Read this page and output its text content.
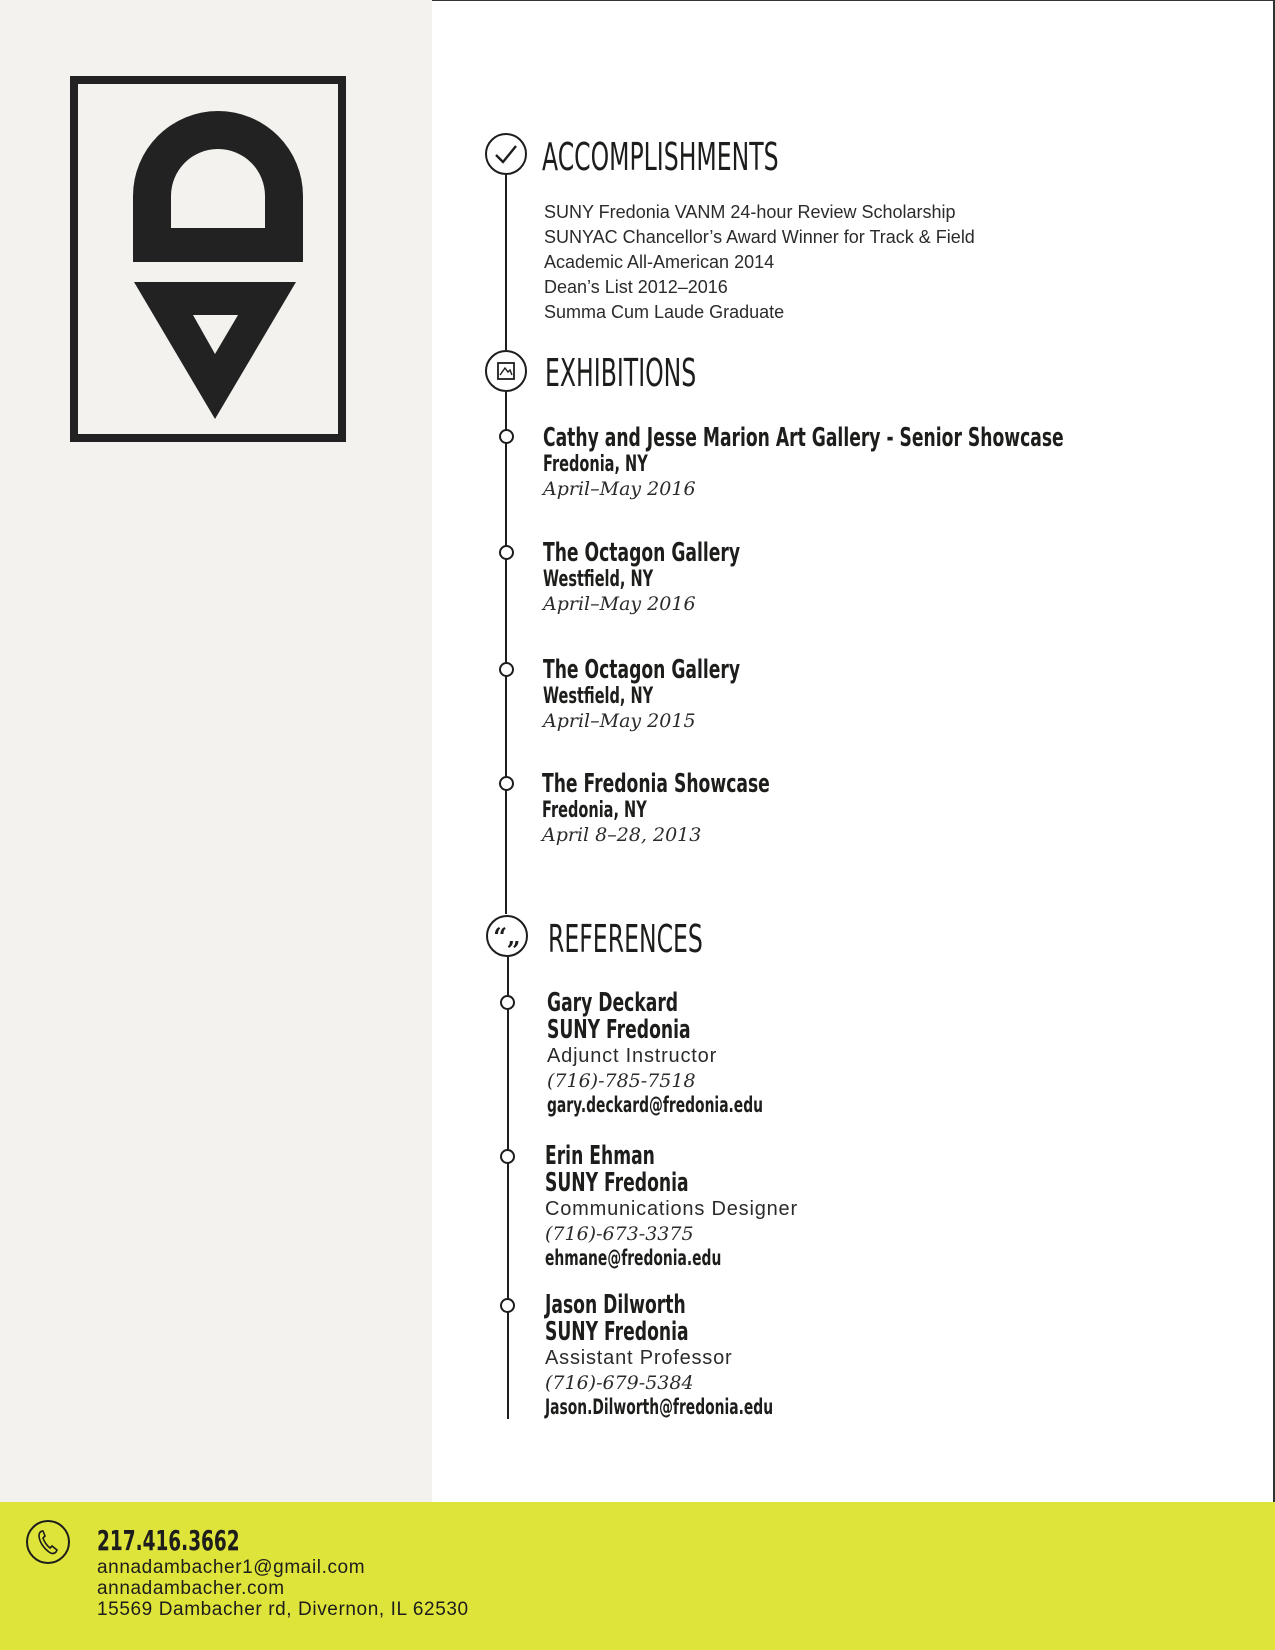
ACCOMPLISHMENTS
SUNY Fredonia VANM 24-hour Review Scholarship
SUNYAC Chancellor’s Award Winner for Track & Field
Academic All-American 2014
Dean’s List 2012–2016
Summa Cum Laude Graduate
EXHIBITIONS
Cathy and Jesse Marion Art Gallery - Senior Showcase
Fredonia, NY
April–May 2016
The Octagon Gallery
Westfield, NY
April–May 2016
The Octagon Gallery
Westfield, NY
April–May 2015
The Fredonia Showcase
Fredonia, NY
April 8–28, 2013
“„ REFERENCES
Gary Deckard
SUNY Fredonia
Adjunct Instructor
(716)-785-7518
gary.deckard@fredonia.edu
Erin Ehman
SUNY Fredonia
Communications Designer
(716)-673-3375
ehmane@fredonia.edu
Jason Dilworth
SUNY Fredonia
Assistant Professor
(716)-679-5384
Jason.Dilworth@fredonia.edu
217.416.3662
annadambacher1@gmail.com
annadambacher.com
15569 Dambacher rd, Divernon, IL 62530
